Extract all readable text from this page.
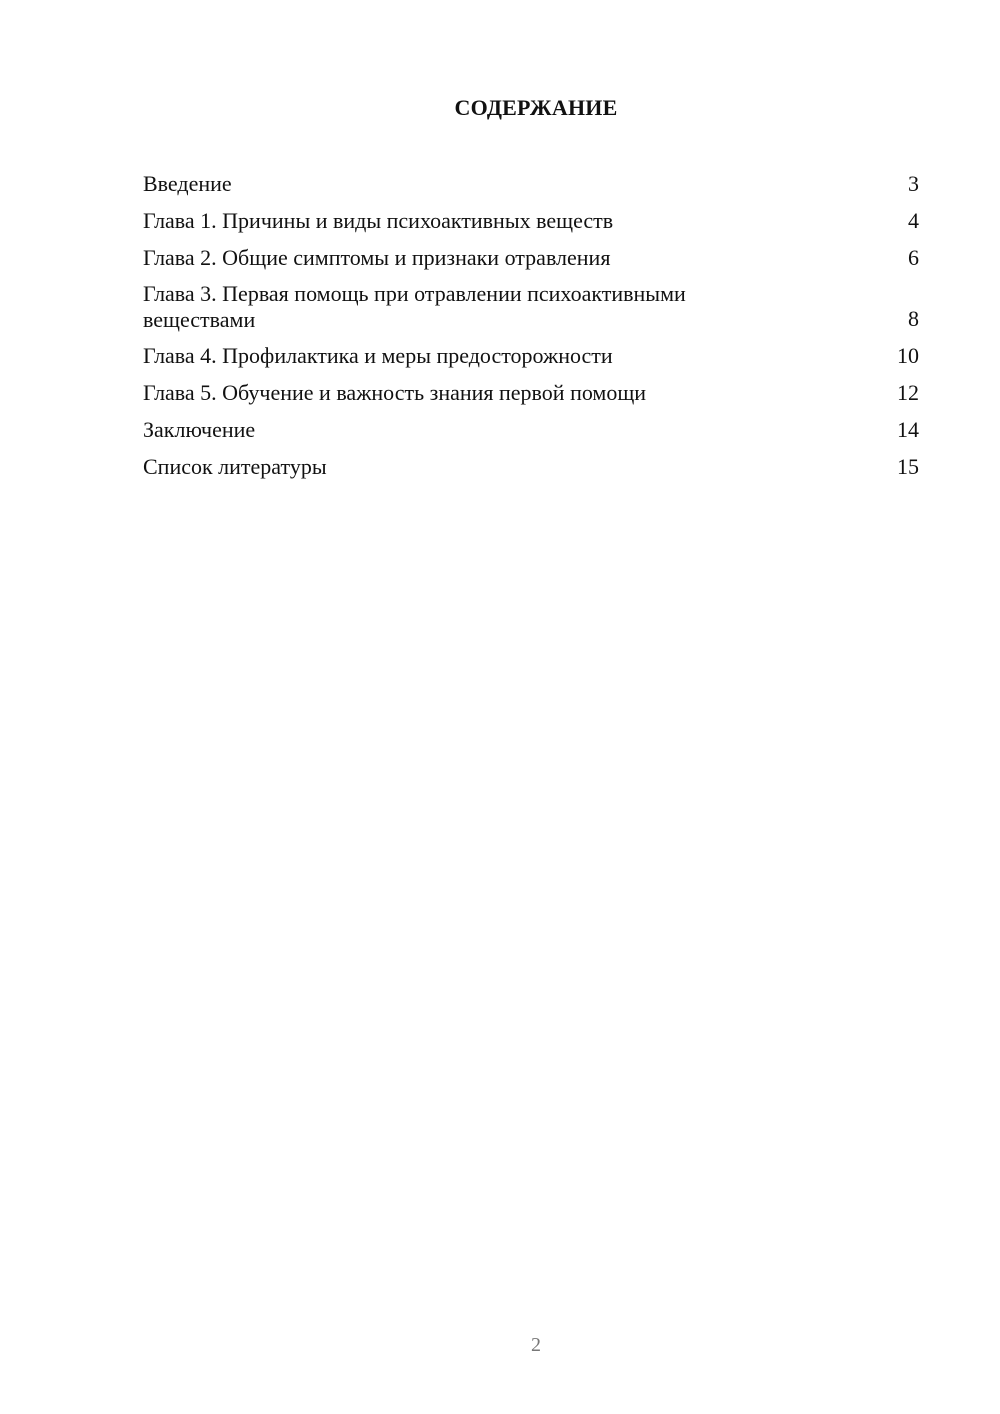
СОДЕРЖАНИЕ
Введение	3
Глава 1. Причины и виды психоактивных веществ	4
Глава 2. Общие симптомы и признаки отравления	6
Глава 3. Первая помощь при отравлении психоактивными веществами	8
Глава 4. Профилактика и меры предосторожности	10
Глава 5. Обучение и важность знания первой помощи	12
Заключение	14
Список литературы	15
2
